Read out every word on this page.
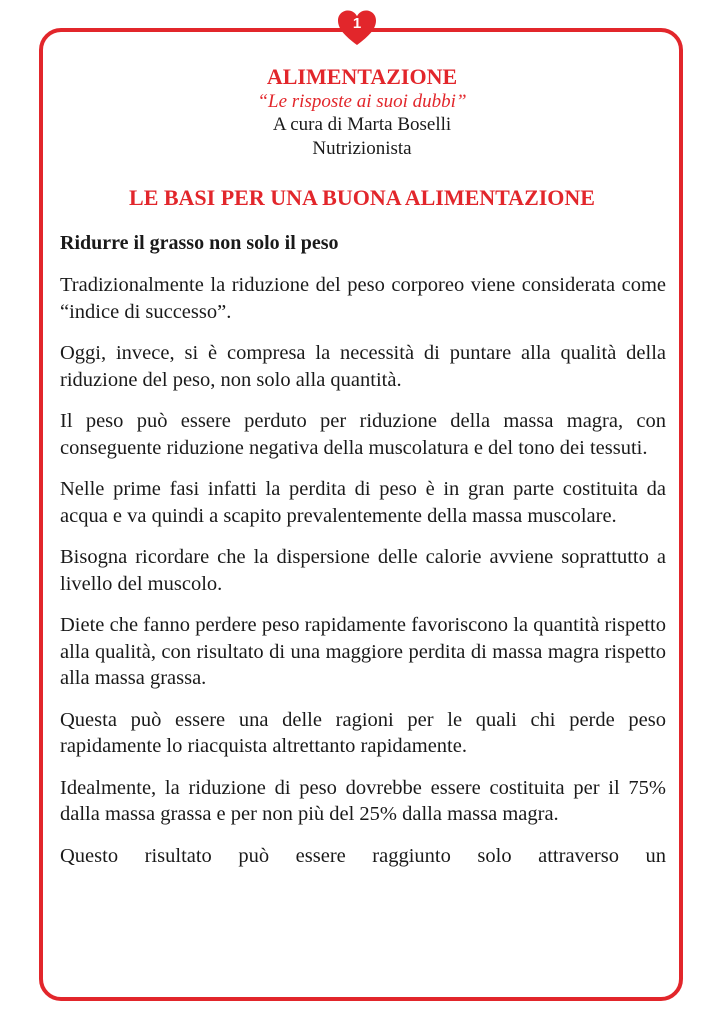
1
ALIMENTAZIONE
“Le risposte ai suoi dubbi”
A cura di Marta Boselli
Nutrizionista
LE BASI PER UNA BUONA ALIMENTAZIONE
Ridurre il grasso non solo il peso

Tradizionalmente la riduzione del peso corporeo viene considerata come “indice di successo”.

Oggi, invece, si è compresa la necessità di puntare alla qualità della riduzione del peso, non solo alla quantità.

Il peso può essere perduto per riduzione della massa magra, con conseguente riduzione negativa della muscolatura e del tono dei tessuti.

Nelle prime fasi infatti la perdita di peso è in gran parte costituita da acqua e va quindi a scapito prevalentemente della massa muscolare.

Bisogna ricordare che la dispersione delle calorie avviene soprattutto a livello del muscolo.

Diete che fanno perdere peso rapidamente favoriscono la quantità rispetto alla qualità, con risultato di una maggiore perdita di massa magra rispetto alla massa grassa.

Questa può essere una delle ragioni per le quali chi perde peso rapidamente lo riacquista altrettanto rapidamente.

Idealmente, la riduzione di peso dovrebbe essere costituita per il 75% dalla massa grassa e per non più del 25% dalla massa magra.

Questo risultato può essere raggiunto solo attraverso un
